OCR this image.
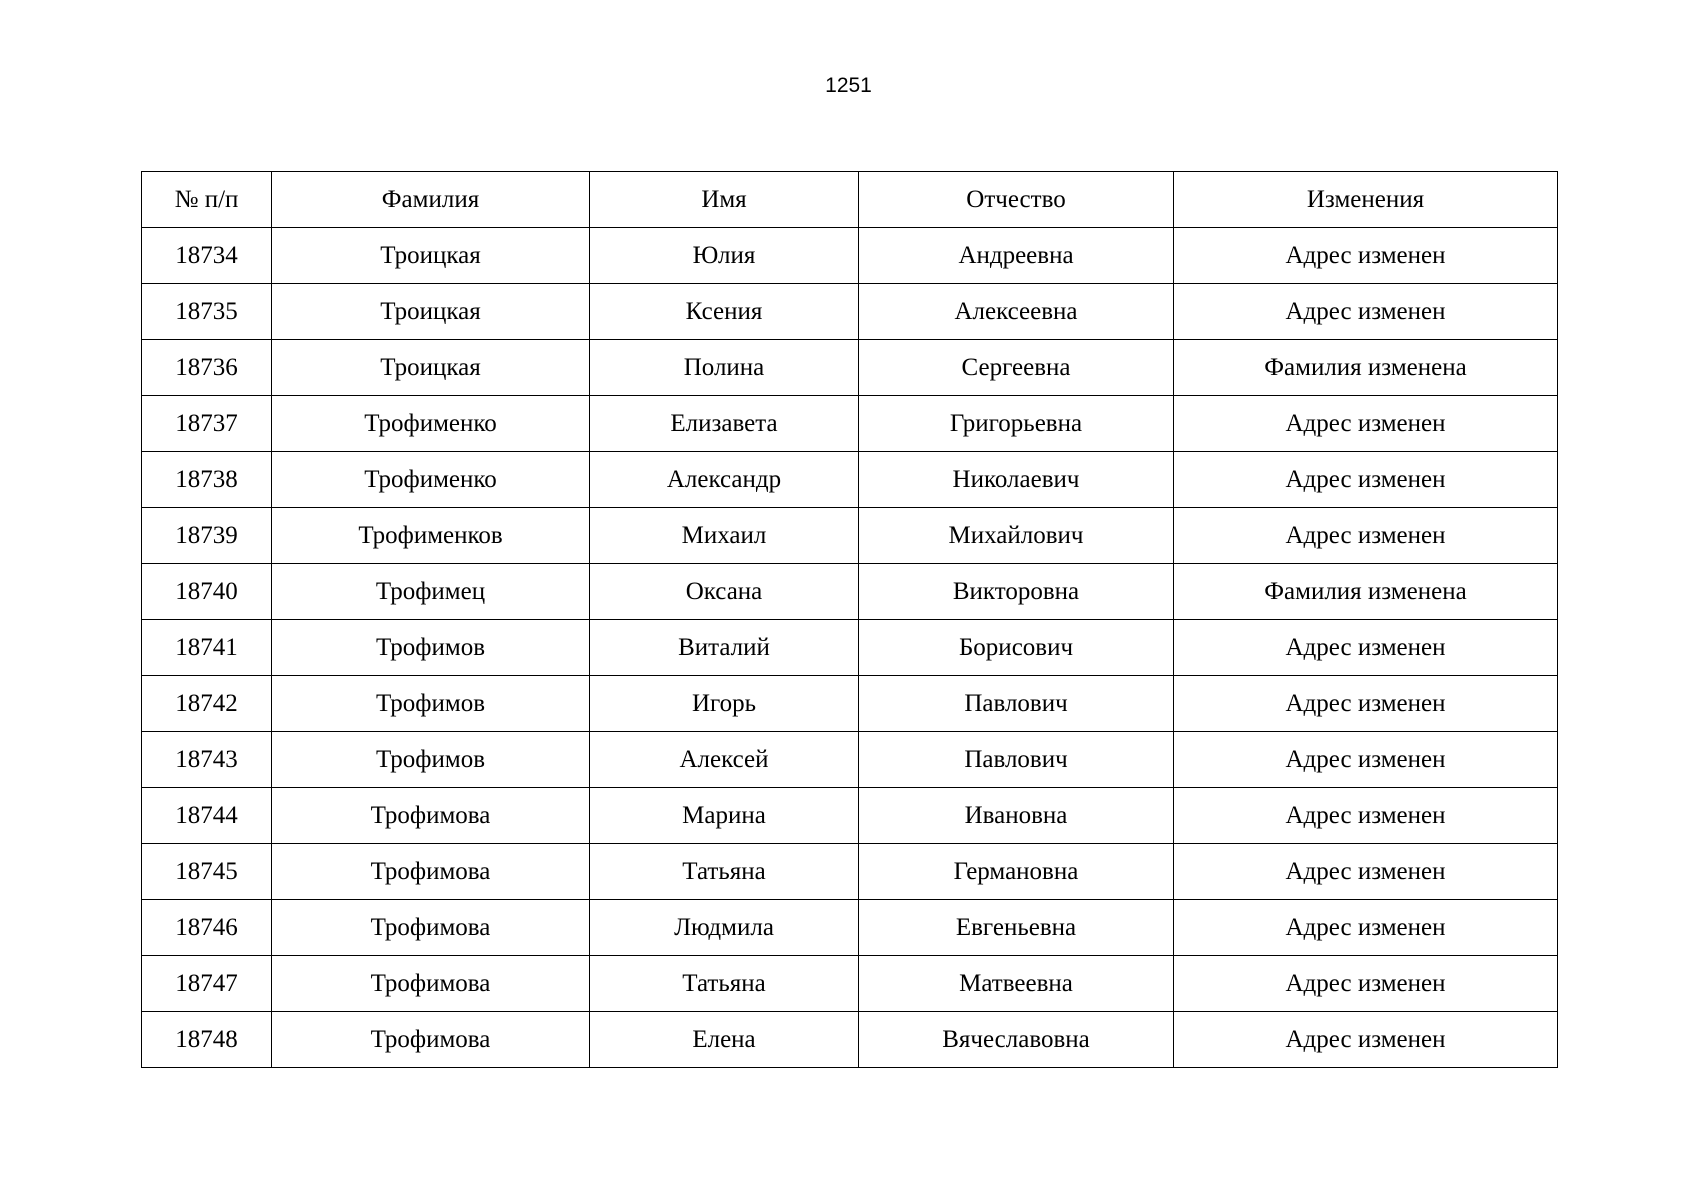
1251
№ п/п	Фамилия	Имя	Отчество	Изменения
18734	Троицкая	Юлия	Андреевна	Адрес изменен
18735	Троицкая	Ксения	Алексеевна	Адрес изменен
18736	Троицкая	Полина	Сергеевна	Фамилия изменена
18737	Трофименко	Елизавета	Григорьевна	Адрес изменен
18738	Трофименко	Александр	Николаевич	Адрес изменен
18739	Трофименков	Михаил	Михайлович	Адрес изменен
18740	Трофимец	Оксана	Викторовна	Фамилия изменена
18741	Трофимов	Виталий	Борисович	Адрес изменен
18742	Трофимов	Игорь	Павлович	Адрес изменен
18743	Трофимов	Алексей	Павлович	Адрес изменен
18744	Трофимова	Марина	Ивановна	Адрес изменен
18745	Трофимова	Татьяна	Германовна	Адрес изменен
18746	Трофимова	Людмила	Евгеньевна	Адрес изменен
18747	Трофимова	Татьяна	Матвеевна	Адрес изменен
18748	Трофимова	Елена	Вячеславовна	Адрес изменен
